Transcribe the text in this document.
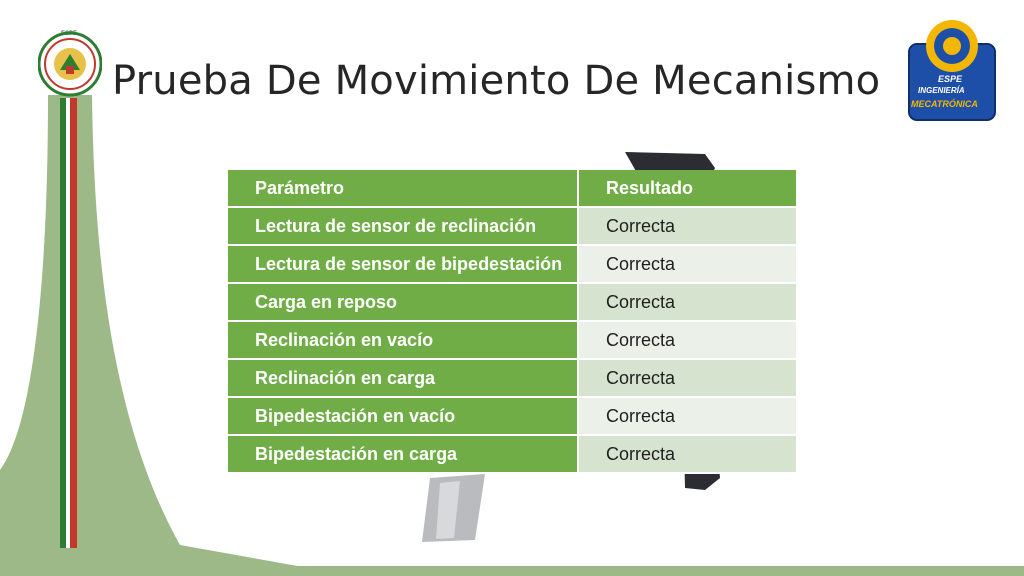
ESPE
ESPE
INGENIERÍA
MECATRÓNICA
Prueba De Movimiento De Mecanismo
Parámetro	Resultado
Lectura de sensor de reclinación	Correcta
Lectura de sensor de bipedestación	Correcta
Carga en reposo	Correcta
Reclinación en vacío	Correcta
Reclinación en carga	Correcta
Bipedestación en vacío	Correcta
Bipedestación en carga	Correcta
